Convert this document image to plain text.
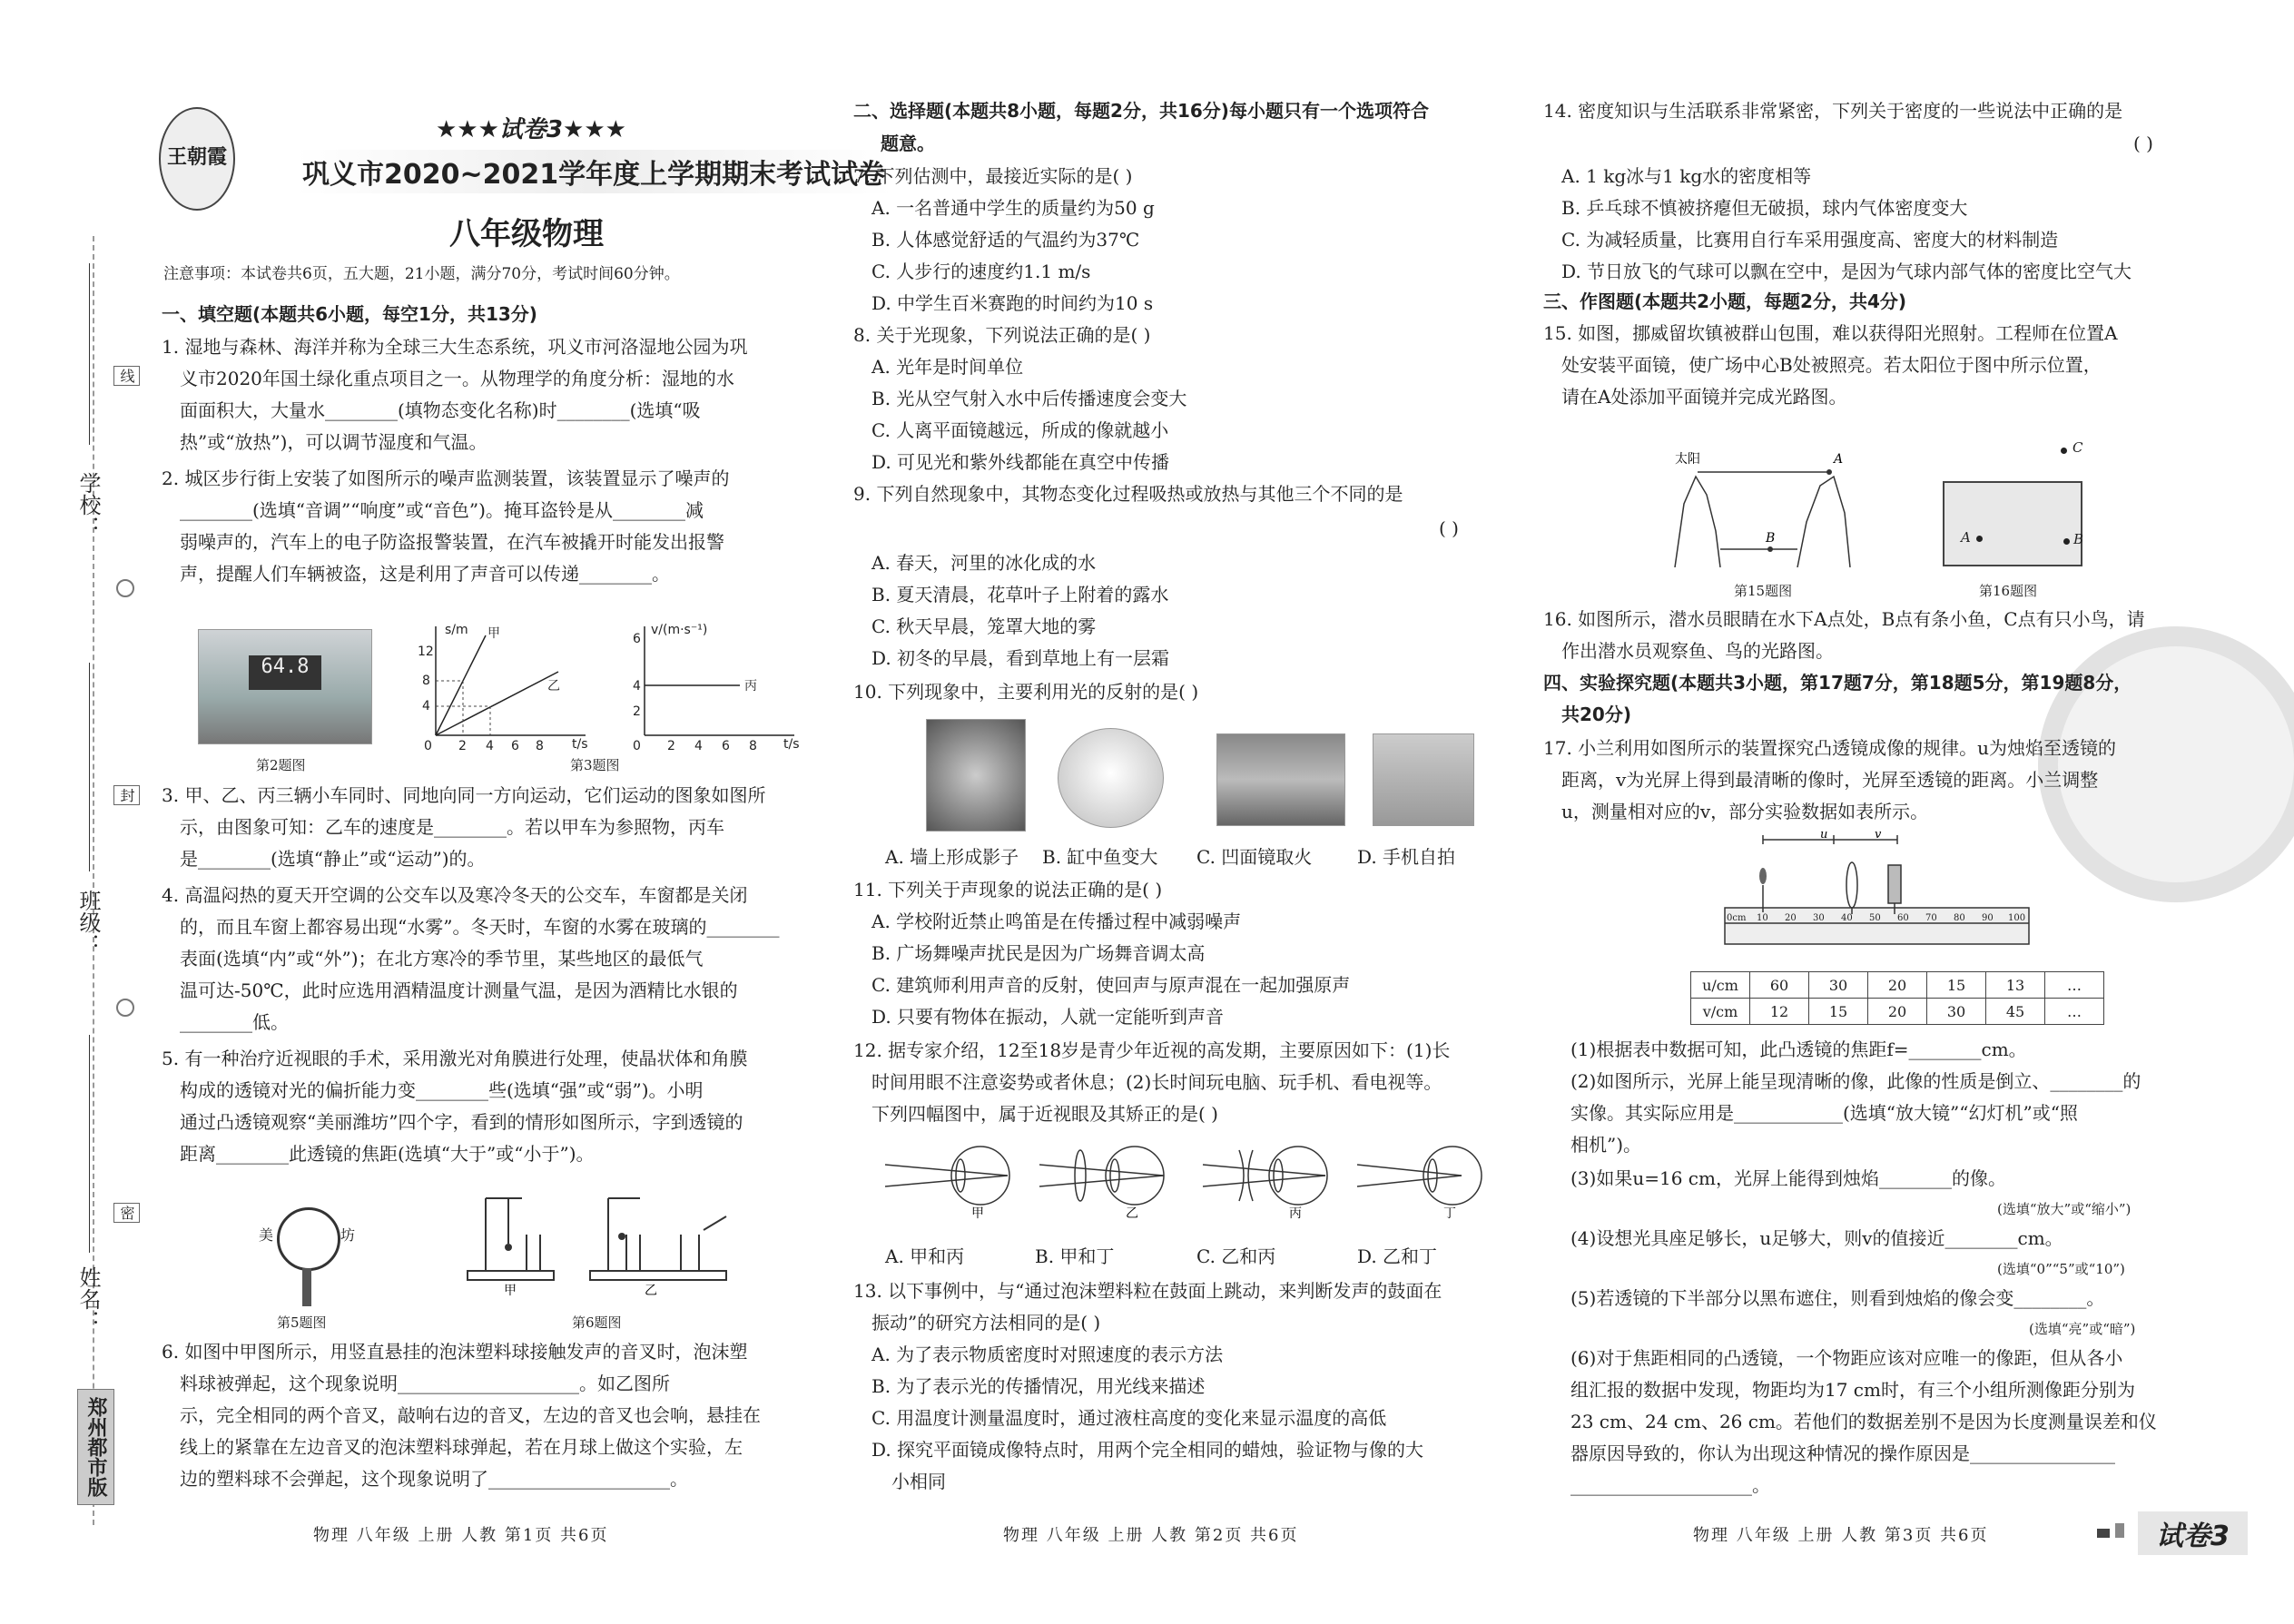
学校：
班级：
姓名：
线
封
密
郑州都市版
王朝霞
★★★试卷3★★★
巩义市2020~2021学年度上学期期末考试试卷
八年级物理
注意事项：本试卷共6页，五大题，21小题，满分70分，考试时间60分钟。
一、填空题(本题共6小题，每空1分，共13分)
1. 湿地与森林、海洋并称为全球三大生态系统，巩义市河洛湿地公园为巩
义市2020年国土绿化重点项目之一。从物理学的角度分析：湿地的水
面面积大，大量水________(填物态变化名称)时________(选填“吸
热”或“放热”)，可以调节湿度和气温。
2. 城区步行街上安装了如图所示的噪声监测装置，该装置显示了噪声的
________(选填“音调”“响度”或“音色”)。掩耳盗铃是从________减
弱噪声的，汽车上的电子防盗报警装置，在汽车被撬开时能发出报警
声，提醒人们车辆被盗，这是利用了声音可以传递________。
64.8
第2题图
s/m
t/s
甲
乙
12
8
4
0 2 4 6 8
v/(m·s⁻¹)
t/s
丙
6
4
2
0 2 4 6 8
第3题图
3. 甲、乙、丙三辆小车同时、同地向同一方向运动，它们运动的图象如图所
示，由图象可知：乙车的速度是________。若以甲车为参照物，丙车
是________(选填“静止”或“运动”)的。
4. 高温闷热的夏天开空调的公交车以及寒冷冬天的公交车，车窗都是关闭
的，而且车窗上都容易出现“水雾”。冬天时，车窗的水雾在玻璃的________
表面(选填“内”或“外”)；在北方寒冷的季节里，某些地区的最低气
温可达-50℃，此时应选用酒精温度计测量气温，是因为酒精比水银的
________低。
5. 有一种治疗近视眼的手术，采用激光对角膜进行处理，使晶状体和角膜
构成的透镜对光的偏折能力变________些(选填“强”或“弱”)。小明
通过凸透镜观察“美丽潍坊”四个字，看到的情形如图所示，字到透镜的
距离________此透镜的焦距(选填“大于”或“小于”)。
美	坊
第5题图
甲	乙
第6题图
6. 如图中甲图所示，用竖直悬挂的泡沫塑料球接触发声的音叉时，泡沫塑
料球被弹起，这个现象说明____________________。如乙图所
示，完全相同的两个音叉，敲响右边的音叉，左边的音叉也会响，悬挂在
线上的紧靠在左边音叉的泡沫塑料球弹起，若在月球上做这个实验，左
边的塑料球不会弹起，这个现象说明了____________________。
二、选择题(本题共8小题，每题2分，共16分)每小题只有一个选项符合
题意。
7. 下列估测中，最接近实际的是( )
A. 一名普通中学生的质量约为50 g
B. 人体感觉舒适的气温约为37℃
C. 人步行的速度约1.1 m/s
D. 中学生百米赛跑的时间约为10 s
8. 关于光现象，下列说法正确的是( )
A. 光年是时间单位
B. 光从空气射入水中后传播速度会变大
C. 人离平面镜越远，所成的像就越小
D. 可见光和紫外线都能在真空中传播
9. 下列自然现象中，其物态变化过程吸热或放热与其他三个不同的是
( )
A. 春天，河里的冰化成的水
B. 夏天清晨，花草叶子上附着的露水
C. 秋天早晨，笼罩大地的雾
D. 初冬的早晨，看到草地上有一层霜
10. 下列现象中，主要利用光的反射的是( )
A. 墙上形成影子 B. 缸中鱼变大 C. 凹面镜取火 D. 手机自拍
11. 下列关于声现象的说法正确的是( )
A. 学校附近禁止鸣笛是在传播过程中减弱噪声
B. 广场舞噪声扰民是因为广场舞音调太高
C. 建筑师利用声音的反射，使回声与原声混在一起加强原声
D. 只要有物体在振动，人就一定能听到声音
12. 据专家介绍，12至18岁是青少年近视的高发期，主要原因如下：(1)长
时间用眼不注意姿势或者休息；(2)长时间玩电脑、玩手机、看电视等。
下列四幅图中，属于近视眼及其矫正的是( )
甲	乙	丙	丁
A. 甲和丙	B. 甲和丁	C. 乙和丙	D. 乙和丁
13. 以下事例中，与“通过泡沫塑料粒在鼓面上跳动，来判断发声的鼓面在
振动”的研究方法相同的是( )
A. 为了表示物质密度时对照速度的表示方法
B. 为了表示光的传播情况，用光线来描述
C. 用温度计测量温度时，通过液柱高度的变化来显示温度的高低
D. 探究平面镜成像特点时，用两个完全相同的蜡烛，验证物与像的大
小相同
14. 密度知识与生活联系非常紧密，下列关于密度的一些说法中正确的是
( )
A. 1 kg冰与1 kg水的密度相等
B. 乒乓球不慎被挤瘪但无破损，球内气体密度变大
C. 为减轻质量，比赛用自行车采用强度高、密度大的材料制造
D. 节日放飞的气球可以飘在空中，是因为气球内部气体的密度比空气大
三、作图题(本题共2小题，每题2分，共4分)
15. 如图，挪威留坎镇被群山包围，难以获得阳光照射。工程师在位置A
处安装平面镜，使广场中心B处被照亮。若太阳位于图中所示位置，
请在A处添加平面镜并完成光路图。
太阳	A
B
第15题图
C
A	B
第16题图
16. 如图所示，潜水员眼睛在水下A点处，B点有条小鱼，C点有只小鸟，请
作出潜水员观察鱼、鸟的光路图。
四、实验探究题(本题共3小题，第17题7分，第18题5分，第19题8分，
共20分)
17. 小兰利用如图所示的装置探究凸透镜成像的规律。u为烛焰至透镜的
距离，v为光屏上得到最清晰的像时，光屏至透镜的距离。小兰调整
u，测量相对应的v，部分实验数据如表所示。
u	v
0cm 10 20 30 40 50 60 70 80 90 100
u/cm	60	30	20	15	13	…
v/cm	12	15	20	30	45	…
(1)根据表中数据可知，此凸透镜的焦距f=________cm。
(2)如图所示，光屏上能呈现清晰的像，此像的性质是倒立、________的
实像。其实际应用是____________(选填“放大镜”“幻灯机”或“照
相机”)。
(3)如果u=16 cm，光屏上能得到烛焰________的像。
(选填“放大”或“缩小”)
(4)设想光具座足够长，u足够大，则v的值接近________cm。
(选填“0”“5”或“10”)
(5)若透镜的下半部分以黑布遮住，则看到烛焰的像会变________。
(选填“亮”或“暗”)
(6)对于焦距相同的凸透镜，一个物距应该对应唯一的像距，但从各小
组汇报的数据中发现，物距均为17 cm时，有三个小组所测像距分别为
23 cm、24 cm、26 cm。若他们的数据差别不是因为长度测量误差和仪
器原因导致的，你认为出现这种情况的操作原因是________________
____________________。
物理 八年级 上册 人教 第1页 共6页	物理 八年级 上册 人教 第2页 共6页	物理 八年级 上册 人教 第3页 共6页	试卷3
